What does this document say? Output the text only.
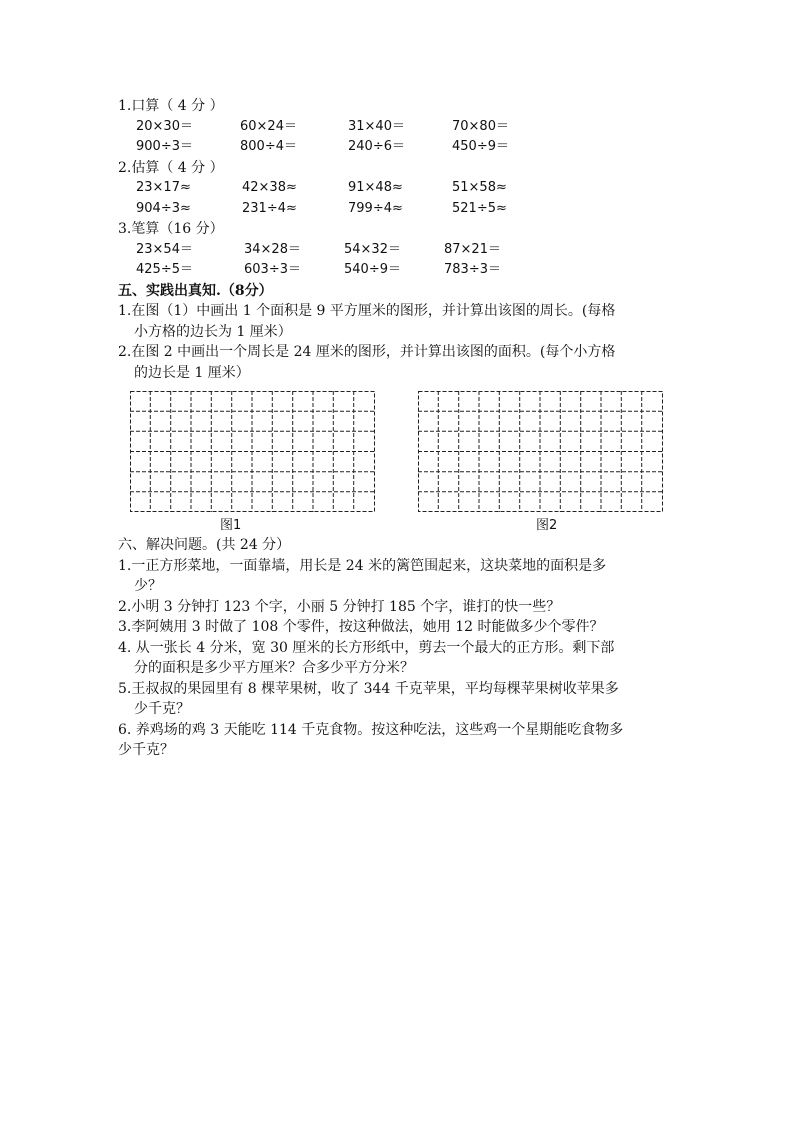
1.口算（ 4 分 ）
20×30＝	60×24＝	31×40＝	70×80＝
900÷3＝	800÷4＝	240÷6＝	450÷9＝
2.估算（ 4 分 ）
23×17≈	42×38≈	91×48≈	51×58≈
904÷3≈	231÷4≈	799÷4≈	521÷5≈
3.笔算（16 分）
23×54＝	34×28＝	54×32＝	87×21＝
425÷5＝	603÷3＝	540÷9＝	783÷3＝
五、实践出真知.（8分）
1.在图（1）中画出 1 个面积是 9 平方厘米的图形，并计算出该图的周长。(每格
小方格的边长为 1 厘米）
2.在图 2 中画出一个周长是 24 厘米的图形，并计算出该图的面积。(每个小方格
的边长是 1 厘米）
图1	图2
六、解决问题。(共 24 分）
1.一正方形菜地，一面靠墙，用长是 24 米的篱笆围起来，这块菜地的面积是多
少？
2.小明 3 分钟打 123 个字，小丽 5 分钟打 185 个字，谁打的快一些？
3.李阿姨用 3 时做了 108 个零件，按这种做法，她用 12 时能做多少个零件？
4. 从一张长 4 分米，宽 30 厘米的长方形纸中，剪去一个最大的正方形。剩下部
分的面积是多少平方厘米？合多少平方分米？
5.王叔叔的果园里有 8 棵苹果树，收了 344 千克苹果，平均每棵苹果树收苹果多
少千克？
6. 养鸡场的鸡 3 天能吃 114 千克食物。按这种吃法，这些鸡一个星期能吃食物多
少千克？
